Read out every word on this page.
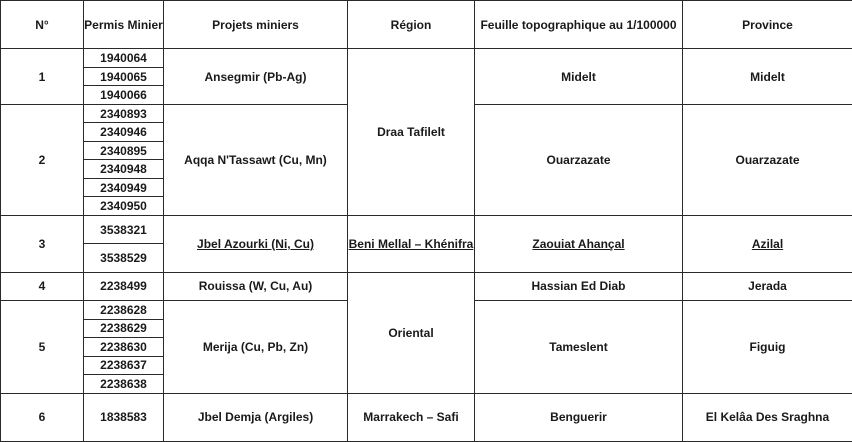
N°	Permis Minier	Projets miniers	Région	Feuille topographique au 1/100000	Province
1	1940064	Ansegmir (Pb-Ag)	Draa Tafilelt	Midelt	Midelt
	1940065				
	1940066				
2	2340893	Aqqa N'Tassawt (Cu, Mn)		Ouarzazate	Ouarzazate
	2340946				
	2340895				
	2340948				
	2340949				
	2340950				
3	3538321	Jbel Azourki (Ni, Cu)	Beni Mellal – Khénifra	Zaouiat Ahançal	Azilal
	3538529				
4	2238499	Rouissa (W, Cu, Au)	Oriental	Hassian Ed Diab	Jerada
5	2238628	Merija (Cu, Pb, Zn)		Tameslent	Figuig
	2238629				
	2238630				
	2238637				
	2238638				
6	1838583	Jbel Demja (Argiles)	Marrakech – Safi	Benguerir	El Kelâa Des Sraghna
